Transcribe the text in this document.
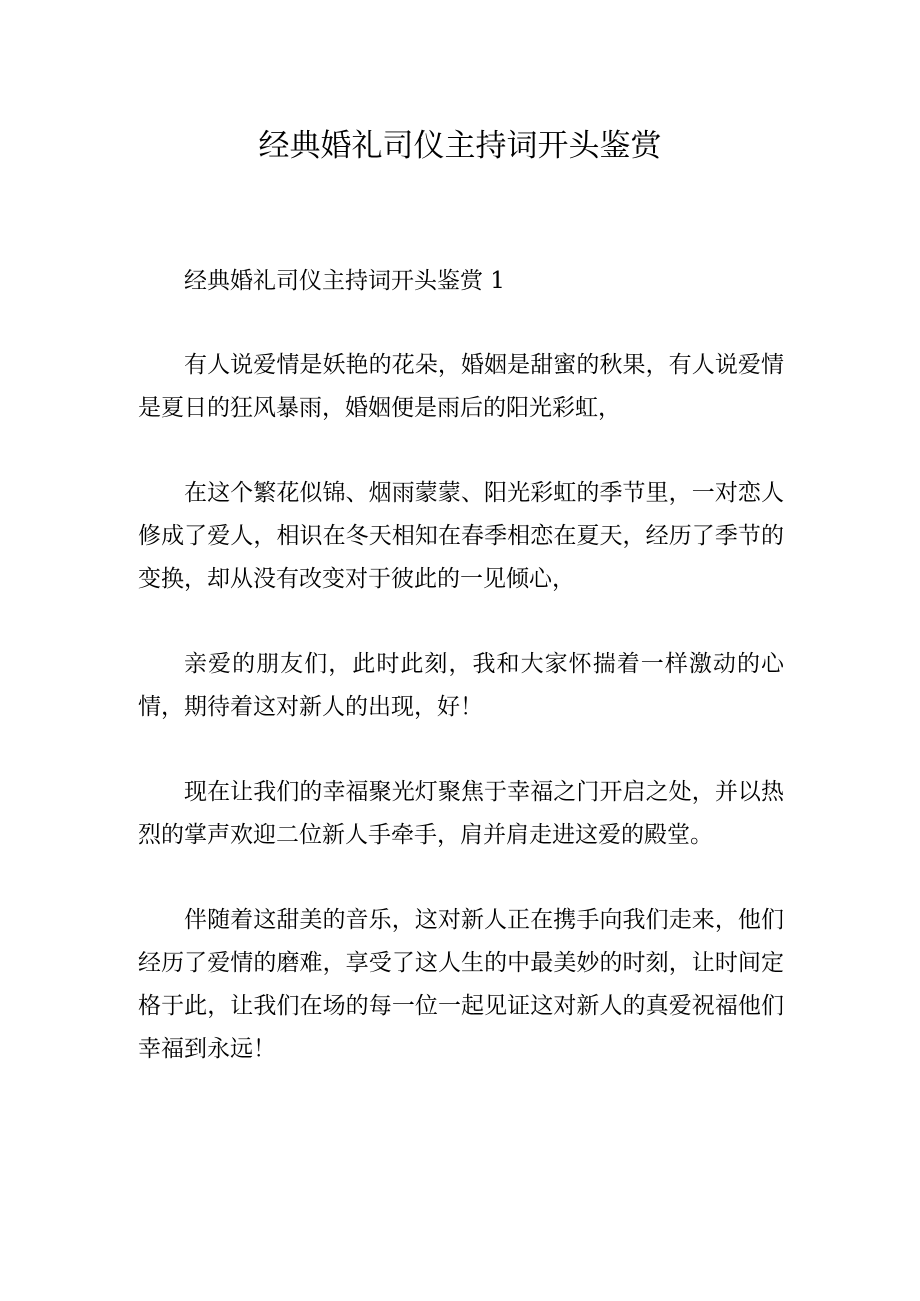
经典婚礼司仪主持词开头鉴赏

经典婚礼司仪主持词开头鉴赏 1

有人说爱情是妖艳的花朵，婚姻是甜蜜的秋果，有人说爱情是夏日的狂风暴雨，婚姻便是雨后的阳光彩虹，

在这个繁花似锦、烟雨蒙蒙、阳光彩虹的季节里，一对恋人修成了爱人，相识在冬天相知在春季相恋在夏天，经历了季节的变换，却从没有改变对于彼此的一见倾心，

亲爱的朋友们，此时此刻，我和大家怀揣着一样激动的心情，期待着这对新人的出现，好！

现在让我们的幸福聚光灯聚焦于幸福之门开启之处，并以热烈的掌声欢迎二位新人手牵手，肩并肩走进这爱的殿堂。

伴随着这甜美的音乐，这对新人正在携手向我们走来，他们经历了爱情的磨难，享受了这人生的中最美妙的时刻，让时间定格于此，让我们在场的每一位一起见证这对新人的真爱祝福他们幸福到永远！
